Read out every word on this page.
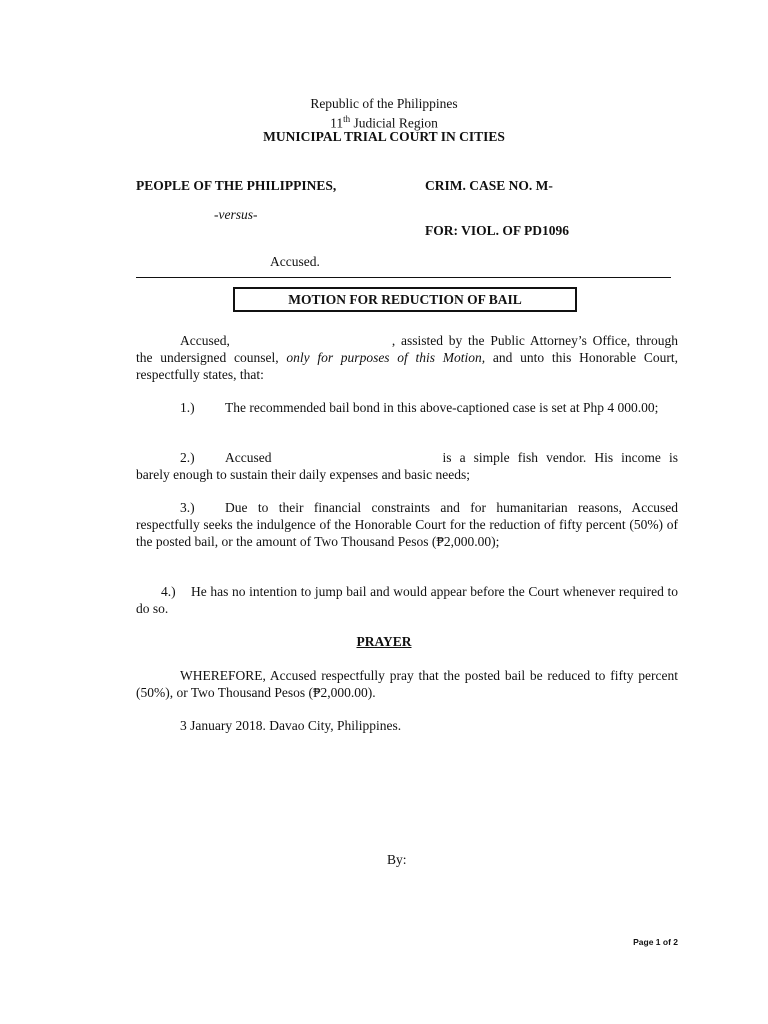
Republic of the Philippines
11th Judicial Region
MUNICIPAL TRIAL COURT IN CITIES
PEOPLE OF THE PHILIPPINES,	CRIM. CASE NO. M-
-versus-
FOR: VIOL. OF PD1096
Accused.
MOTION FOR REDUCTION OF BAIL
Accused,	, assisted by the Public Attorney’s Office, through the undersigned counsel, only for purposes of this Motion, and unto this Honorable Court, respectfully states, that:
1.) The recommended bail bond in this above-captioned case is set at Php 4 000.00;
2.) Accused	is a simple fish vendor. His income is barely enough to sustain their daily expenses and basic needs;
3.) Due to their financial constraints and for humanitarian reasons, Accused respectfully seeks the indulgence of the Honorable Court for the reduction of fifty percent (50%) of the posted bail, or the amount of Two Thousand Pesos (₱2,000.00);
4.) He has no intention to jump bail and would appear before the Court whenever required to do so.
PRAYER
WHEREFORE, Accused respectfully pray that the posted bail be reduced to fifty percent (50%), or Two Thousand Pesos (₱2,000.00).
3 January 2018. Davao City, Philippines.
By:
Page 1 of 2
